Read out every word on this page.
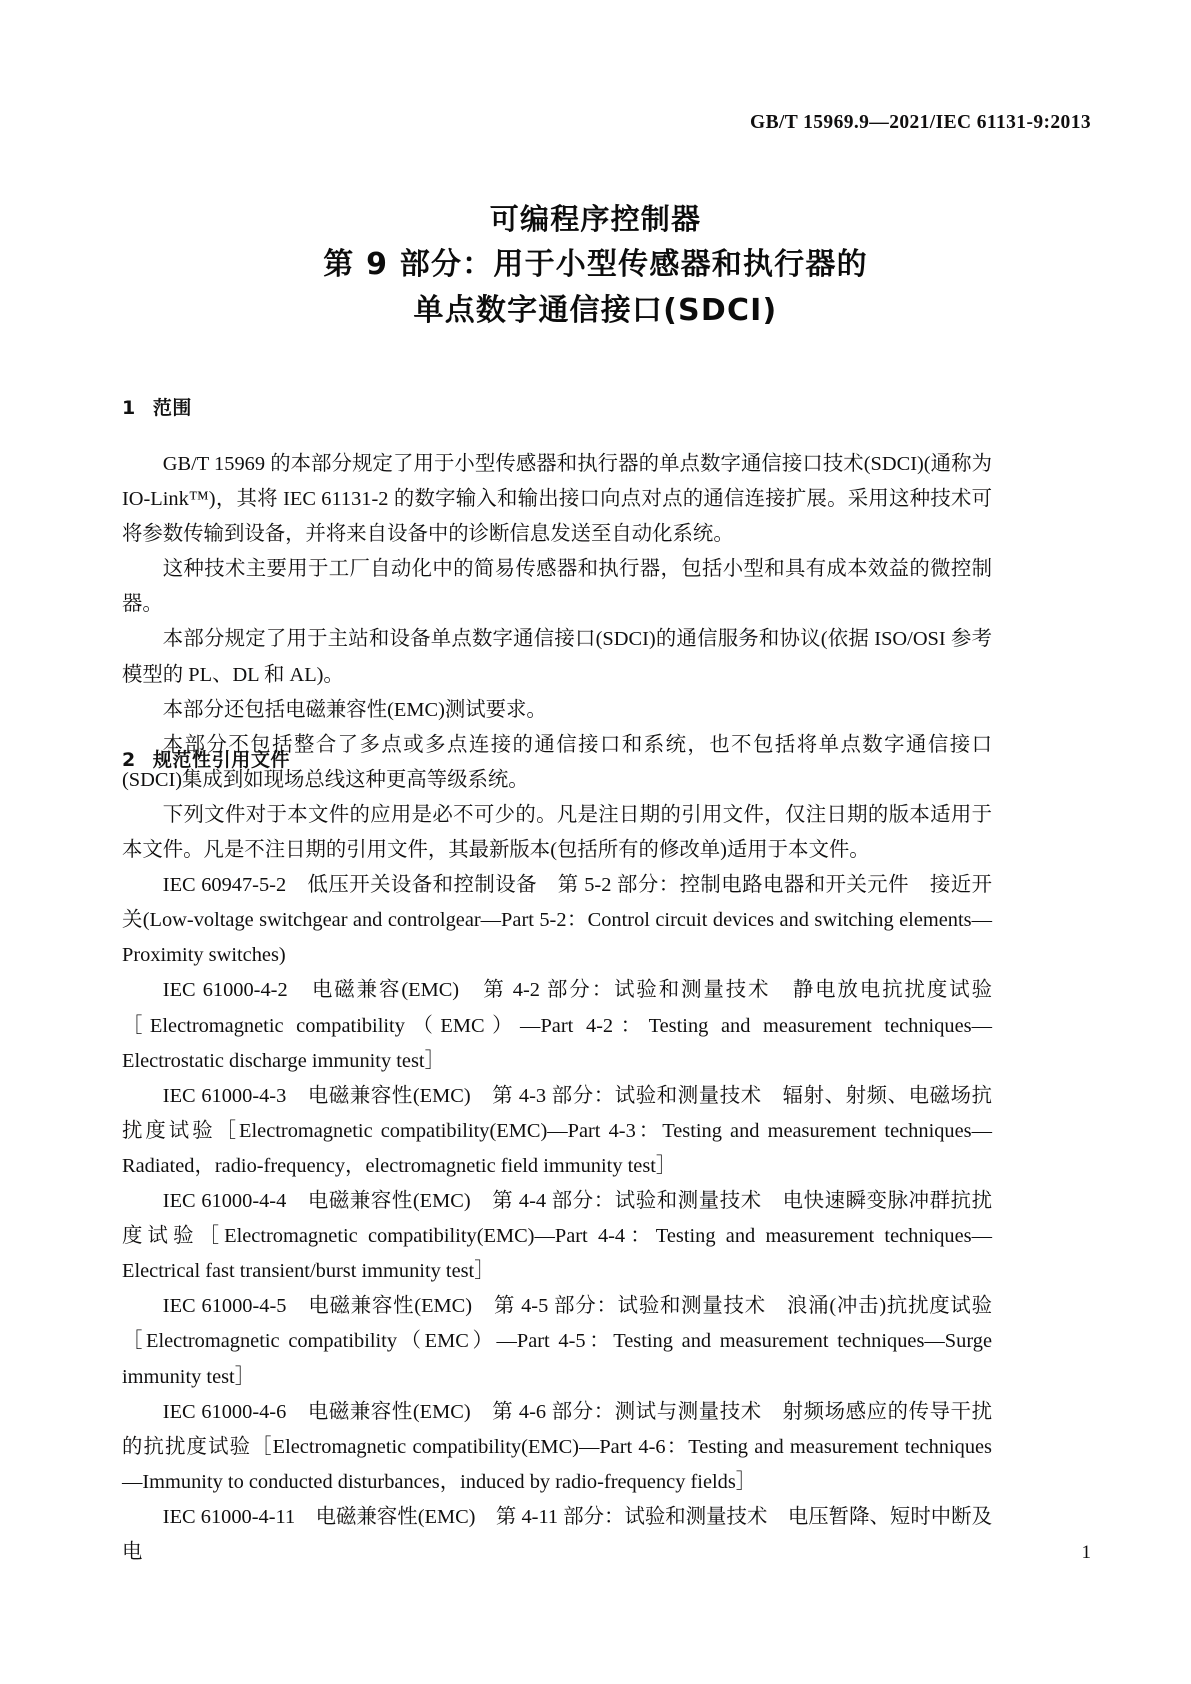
GB/T 15969.9—2021/IEC 61131-9:2013
可编程序控制器
第 9 部分：用于小型传感器和执行器的
单点数字通信接口(SDCI)
1 范围

GB/T 15969 的本部分规定了用于小型传感器和执行器的单点数字通信接口技术(SDCI)(通称为 IO-Link™)，其将 IEC 61131-2 的数字输入和输出接口向点对点的通信连接扩展。采用这种技术可将参数传输到设备，并将来自设备中的诊断信息发送至自动化系统。

这种技术主要用于工厂自动化中的简易传感器和执行器，包括小型和具有成本效益的微控制器。

本部分规定了用于主站和设备单点数字通信接口(SDCI)的通信服务和协议(依据 ISO/OSI 参考模型的 PL、DL 和 AL)。

本部分还包括电磁兼容性(EMC)测试要求。

本部分不包括整合了多点或多点连接的通信接口和系统，也不包括将单点数字通信接口(SDCI)集成到如现场总线这种更高等级系统。

2 规范性引用文件

下列文件对于本文件的应用是必不可少的。凡是注日期的引用文件，仅注日期的版本适用于本文件。凡是不注日期的引用文件，其最新版本(包括所有的修改单)适用于本文件。

IEC 60947-5-2　低压开关设备和控制设备　第 5-2 部分：控制电路电器和开关元件　接近开关(Low-voltage switchgear and controlgear—Part 5-2：Control circuit devices and switching elements—Proximity switches)

IEC 61000-4-2　电磁兼容(EMC)　第 4-2 部分：试验和测量技术　静电放电抗扰度试验［Electromagnetic compatibility（EMC）—Part 4-2：Testing and measurement techniques—Electrostatic discharge immunity test］

IEC 61000-4-3　电磁兼容性(EMC)　第 4-3 部分：试验和测量技术　辐射、射频、电磁场抗扰度试验［Electromagnetic compatibility(EMC)—Part 4-3：Testing and measurement techniques—Radiated，radio-frequency，electromagnetic field immunity test］

IEC 61000-4-4　电磁兼容性(EMC)　第 4-4 部分：试验和测量技术　电快速瞬变脉冲群抗扰度试验［Electromagnetic compatibility(EMC)—Part 4-4：Testing and measurement techniques—Electrical fast transient/burst immunity test］

IEC 61000-4-5　电磁兼容性(EMC)　第 4-5 部分：试验和测量技术　浪涌(冲击)抗扰度试验［Electromagnetic compatibility（EMC）—Part 4-5：Testing and measurement techniques—Surge immunity test］

IEC 61000-4-6　电磁兼容性(EMC)　第 4-6 部分：测试与测量技术　射频场感应的传导干扰的抗扰度试验［Electromagnetic compatibility(EMC)—Part 4-6：Testing and measurement techniques—Immunity to conducted disturbances，induced by radio-frequency fields］

IEC 61000-4-11　电磁兼容性(EMC)　第 4-11 部分：试验和测量技术　电压暂降、短时中断及电	1
